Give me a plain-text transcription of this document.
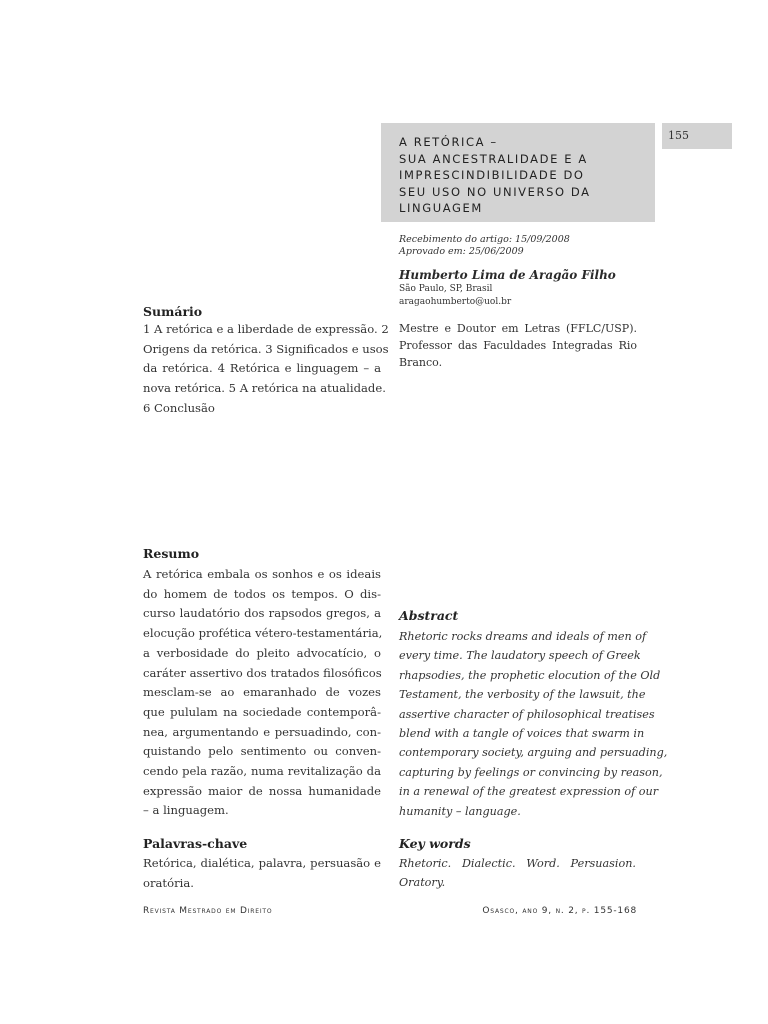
A RETÓRICA –
SUA ANCESTRALIDADE E A
IMPRESCINDIBILIDADE DO
SEU USO NO UNIVERSO DA
LINGUAGEM
155
Recebimento do artigo: 15/09/2008
Aprovado em: 25/06/2009
Humberto Lima de Aragão Filho
São Paulo, SP, Brasil
aragaohumberto@uol.br
Mestre e Doutor em Letras (FFLC/USP).
Professor das Faculdades Integradas Rio
Branco.
Sumário
1 A retórica e a liberdade de expressão. 2
Origens da retórica. 3 Significados e usos
da retórica. 4 Retórica e linguagem – a
nova retórica. 5 A retórica na atualidade.
6 Conclusão
Resumo
A retórica embala os sonhos e os ideais
do homem de todos os tempos. O dis-
curso laudatório dos rapsodos gregos, a
elocução profética vétero-testamentária,
a verbosidade do pleito advocatício, o
caráter assertivo dos tratados filosóficos
mesclam-se ao emaranhado de vozes
que pululam na sociedade contemporâ-
nea, argumentando e persuadindo, con-
quistando pelo sentimento ou conven-
cendo pela razão, numa revitalização da
expressão maior de nossa humanidade
– a linguagem.
Palavras-chave
Retórica, dialética, palavra, persuasão e
oratória.
Abstract
Rhetoric rocks dreams and ideals of men of
every time. The laudatory speech of Greek
rhapsodies, the prophetic elocution of the Old
Testament, the verbosity of the lawsuit, the
assertive character of philosophical treatises
blend with a tangle of voices that swarm in
contemporary society, arguing and persuading,
capturing by feelings or convincing by reason,
in a renewal of the greatest expression of our
humanity – language.
Key words
Rhetoric. Dialectic. Word. Persuasion.
Oratory.
Revista Mestrado em Direito	Osasco, ano 9, n. 2, p. 155-168
